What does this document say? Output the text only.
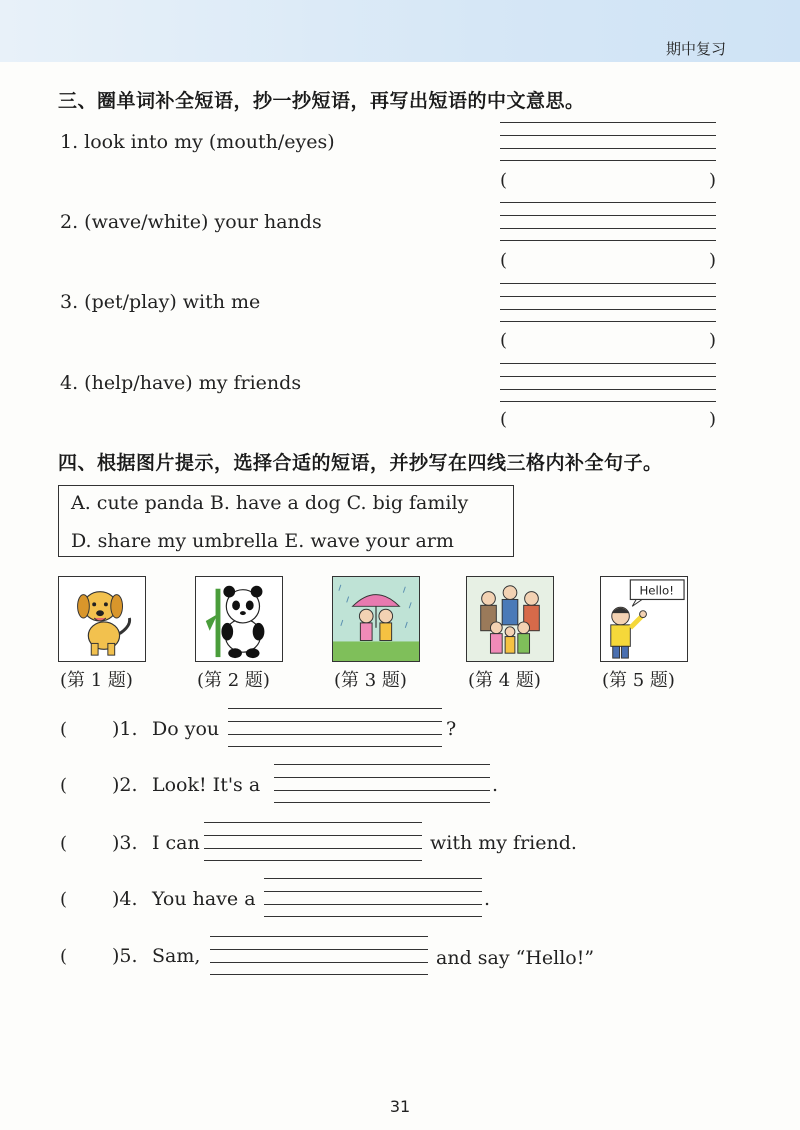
期中复习
三、圈单词补全短语，抄一抄短语，再写出短语的中文意思。
1. look into my (mouth/eyes)
(	)
2. (wave/white) your hands
(	)
3. (pet/play) with me
(	)
4. (help/have) my friends
(	)
四、根据图片提示，选择合适的短语，并抄写在四线三格内补全句子。
A. cute panda B. have a dog C. big family
D. share my umbrella E. wave your arm
Hello!
(第 1 题)	(第 2 题)	(第 3 题)	(第 4 题)	(第 5 题)
( )1. Do you	?
( )2. Look! It's a	.
( )3. I can	with my friend.
( )4. You have a	.
( )5. Sam,	and say “Hello!”
31
